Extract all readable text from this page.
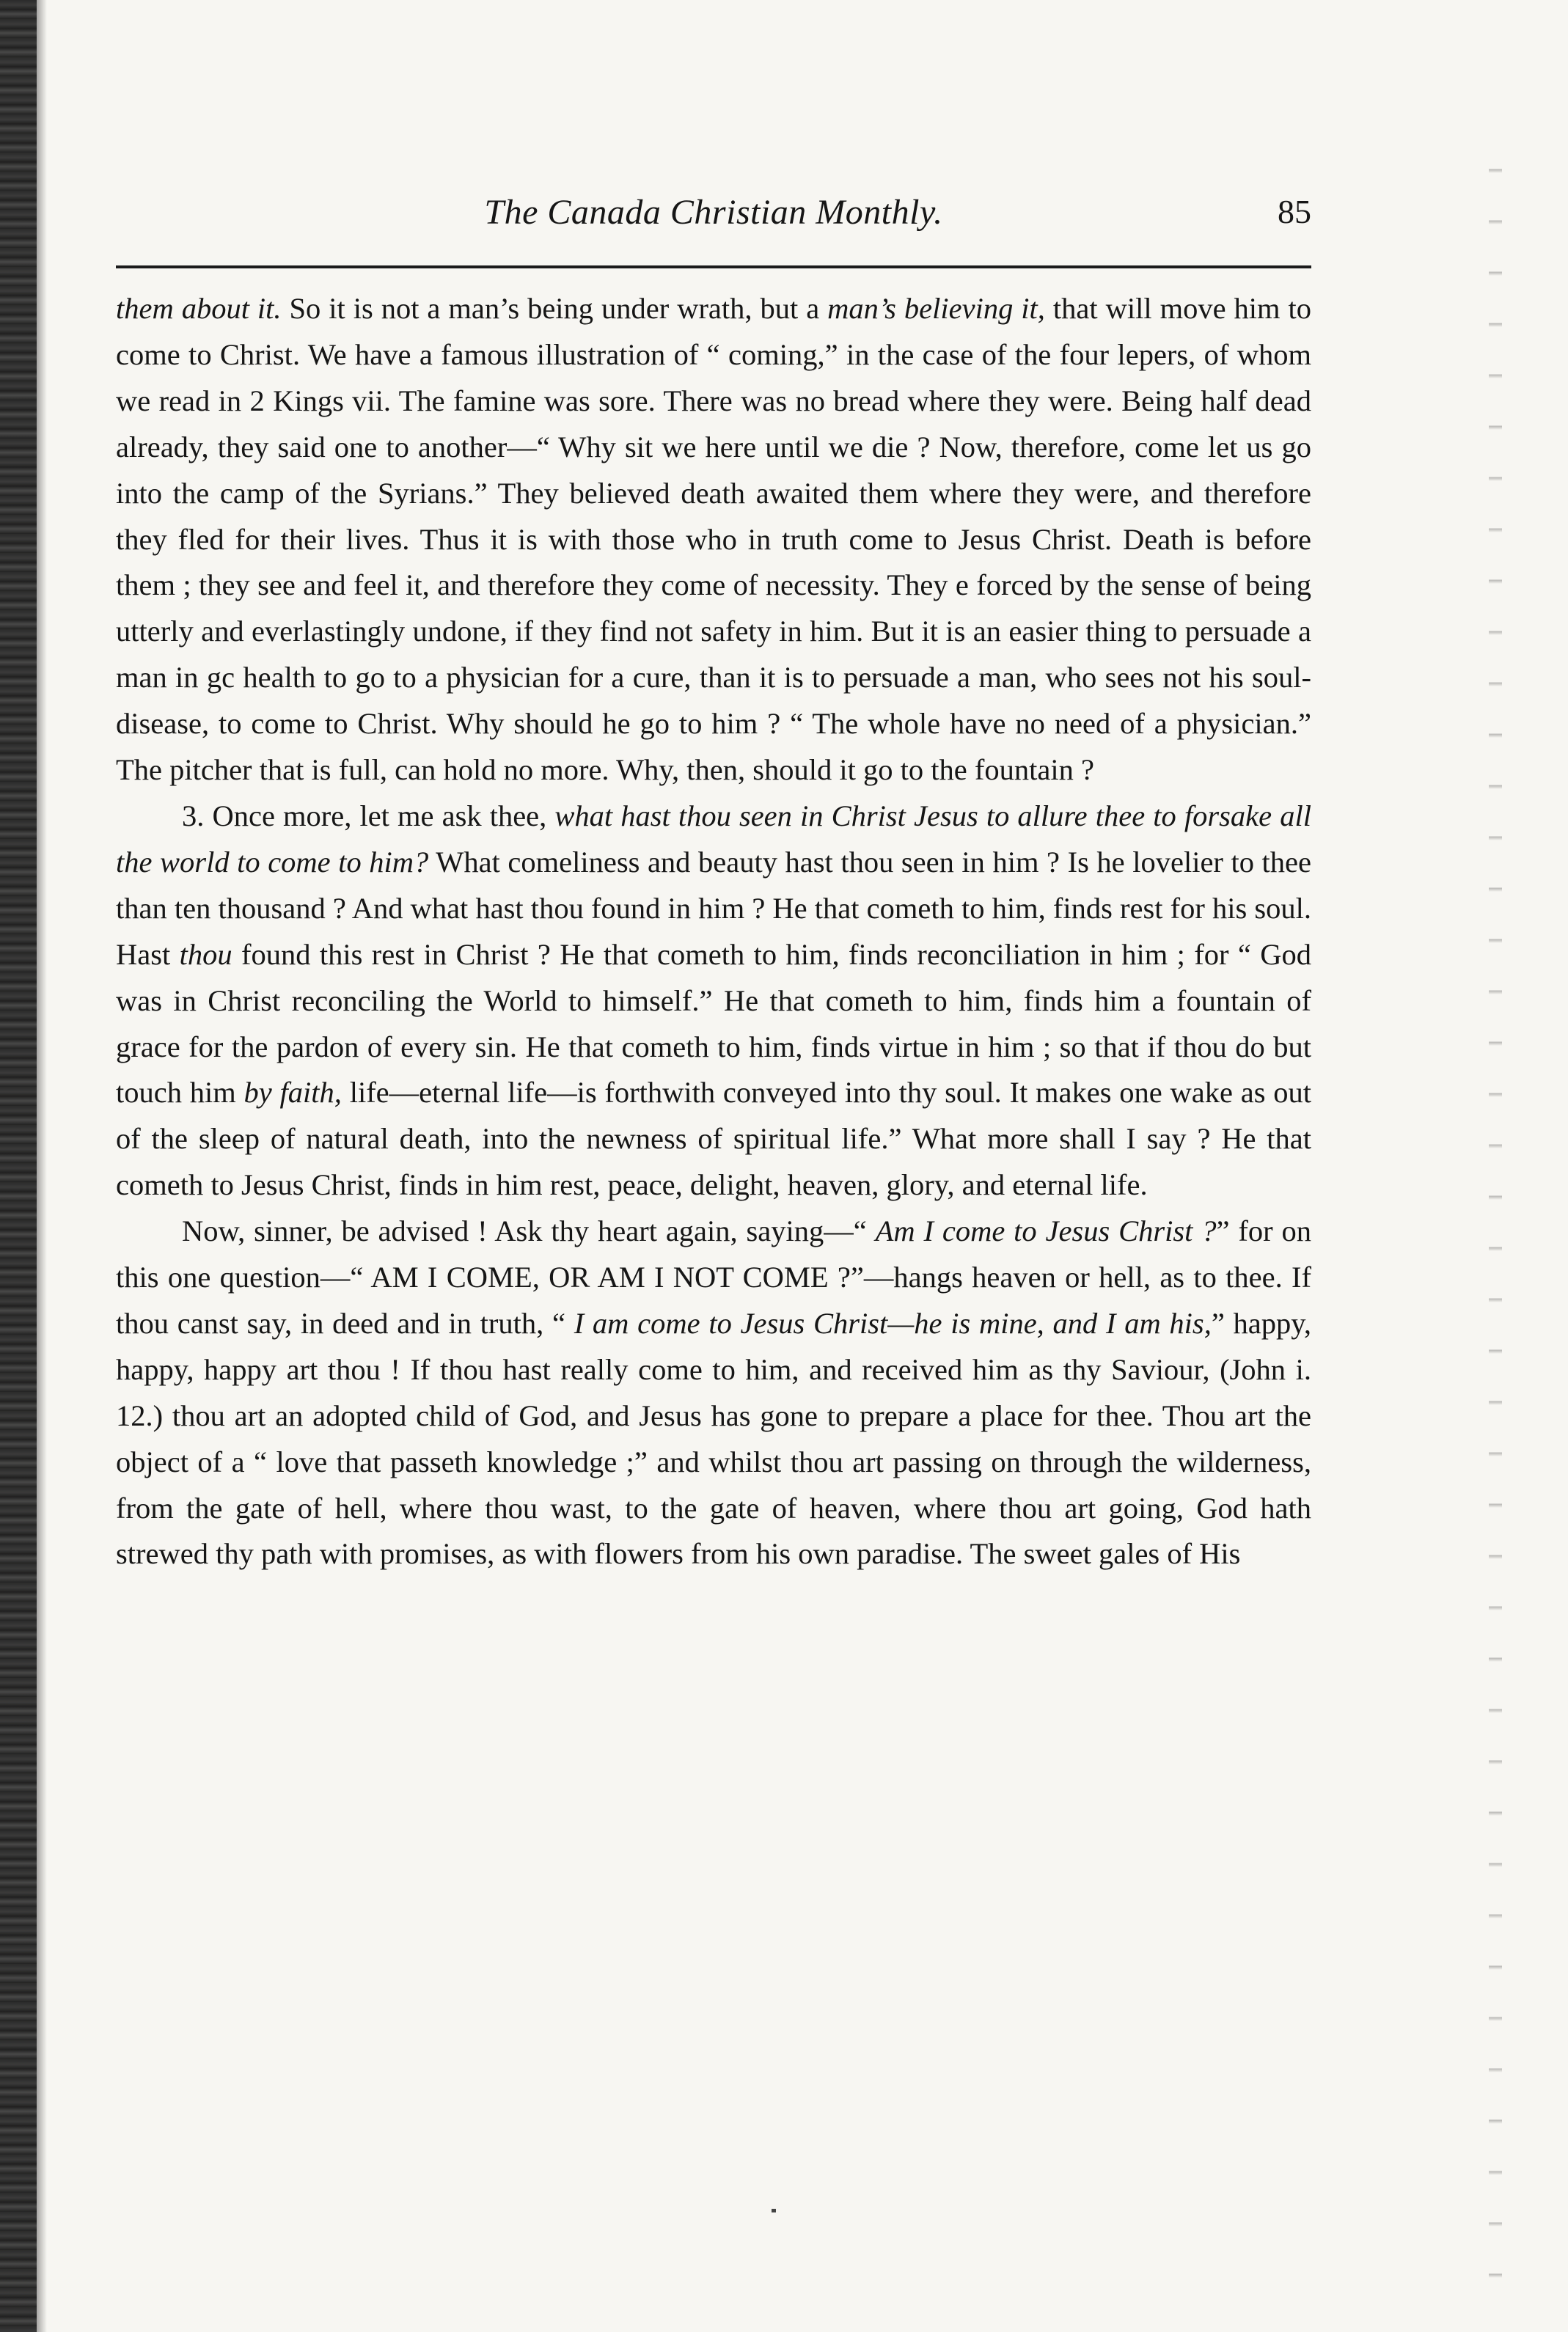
The Canada Christian Monthly.	85

them about it. So it is not a man’s being under wrath, but a man’s believing it, that will move him to come to Christ. We have a famous illustration of “ coming,” in the case of the four lepers, of whom we read in 2 Kings vii. The famine was sore. There was no bread where they were. Being half dead already, they said one to another—“ Why sit we here until we die ? Now, therefore, come let us go into the camp of the Syrians.” They believed death awaited them where they were, and therefore they fled for their lives. Thus it is with those who in truth come to Jesus Christ. Death is before them ; they see and feel it, and therefore they come of necessity. They e forced by the sense of being utterly and everlastingly undone, if they find not safety in him. But it is an easier thing to persuade a man in gc health to go to a physician for a cure, than it is to persuade a man, who sees not his soul-disease, to come to Christ. Why should he go to him ? “ The whole have no need of a physician.” The pitcher that is full, can hold no more. Why, then, should it go to the fountain ?

3. Once more, let me ask thee, what hast thou seen in Christ Jesus to allure thee to forsake all the world to come to him? What comeliness and beauty hast thou seen in him ? Is he lovelier to thee than ten thousand ? And what hast thou found in him ? He that cometh to him, finds rest for his soul. Hast thou found this rest in Christ ? He that cometh to him, finds reconciliation in him ; for “ God was in Christ reconciling the World to himself.” He that cometh to him, finds him a fountain of grace for the pardon of every sin. He that cometh to him, finds virtue in him ; so that if thou do but touch him by faith, life—eternal life—is forthwith conveyed into thy soul. It makes one wake as out of the sleep of natural death, into the newness of spiritual life.” What more shall I say ? He that cometh to Jesus Christ, finds in him rest, peace, delight, heaven, glory, and eternal life.

Now, sinner, be advised ! Ask thy heart again, saying—“ Am I come to Jesus Christ ?” for on this one question—“ AM I COME, OR AM I NOT COME ?”—hangs heaven or hell, as to thee. If thou canst say, in deed and in truth, “ I am come to Jesus Christ—he is mine, and I am his,” happy, happy, happy art thou ! If thou hast really come to him, and received him as thy Saviour, (John i. 12.) thou art an adopted child of God, and Jesus has gone to prepare a place for thee. Thou art the object of a “ love that passeth knowledge ;” and whilst thou art passing on through the wilderness, from the gate of hell, where thou wast, to the gate of heaven, where thou art going, God hath strewed thy path with promises, as with flowers from his own paradise. The sweet gales of His
